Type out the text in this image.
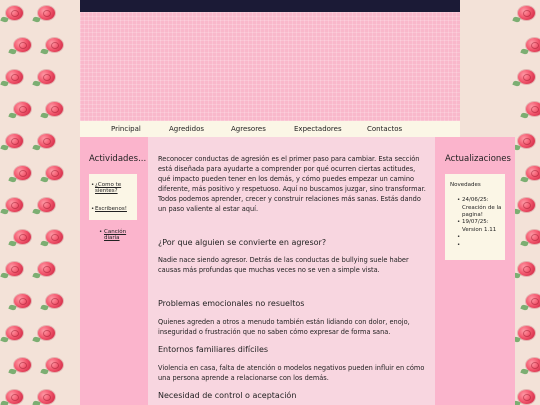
Principal	Agredidos	Agresores	Expectadores	Contactos
Actividades...
• ¿Como te sientes?
• Escribenos!
• Canción diaria

Reconocer conductas de agresión es el primer paso para cambiar. Esta sección está diseñada para ayudarte a comprender por qué ocurren ciertas actitudes, qué impacto pueden tener en los demás, y cómo puedes empezar un camino diferente, más positivo y respetuoso. Aquí no buscamos juzgar, sino transformar. Todos podemos aprender, crecer y construir relaciones más sanas. Estás dando un paso valiente al estar aquí.

¿Por que alguien se convierte en agresor?

Nadie nace siendo agresor. Detrás de las conductas de bullying suele haber causas más profundas que muchas veces no se ven a simple vista.

Problemas emocionales no resueltos

Quienes agreden a otros a menudo también están lidiando con dolor, enojo, inseguridad o frustración que no saben cómo expresar de forma sana.

Entornos familiares difíciles

Violencia en casa, falta de atención o modelos negativos pueden influir en cómo una persona aprende a relacionarse con los demás.

Necesidad de control o aceptación
Actualizaciones
Novedades
• 24/06/25: Creación de la pagina!
• 19/07/25: Version 1.11
•
•
